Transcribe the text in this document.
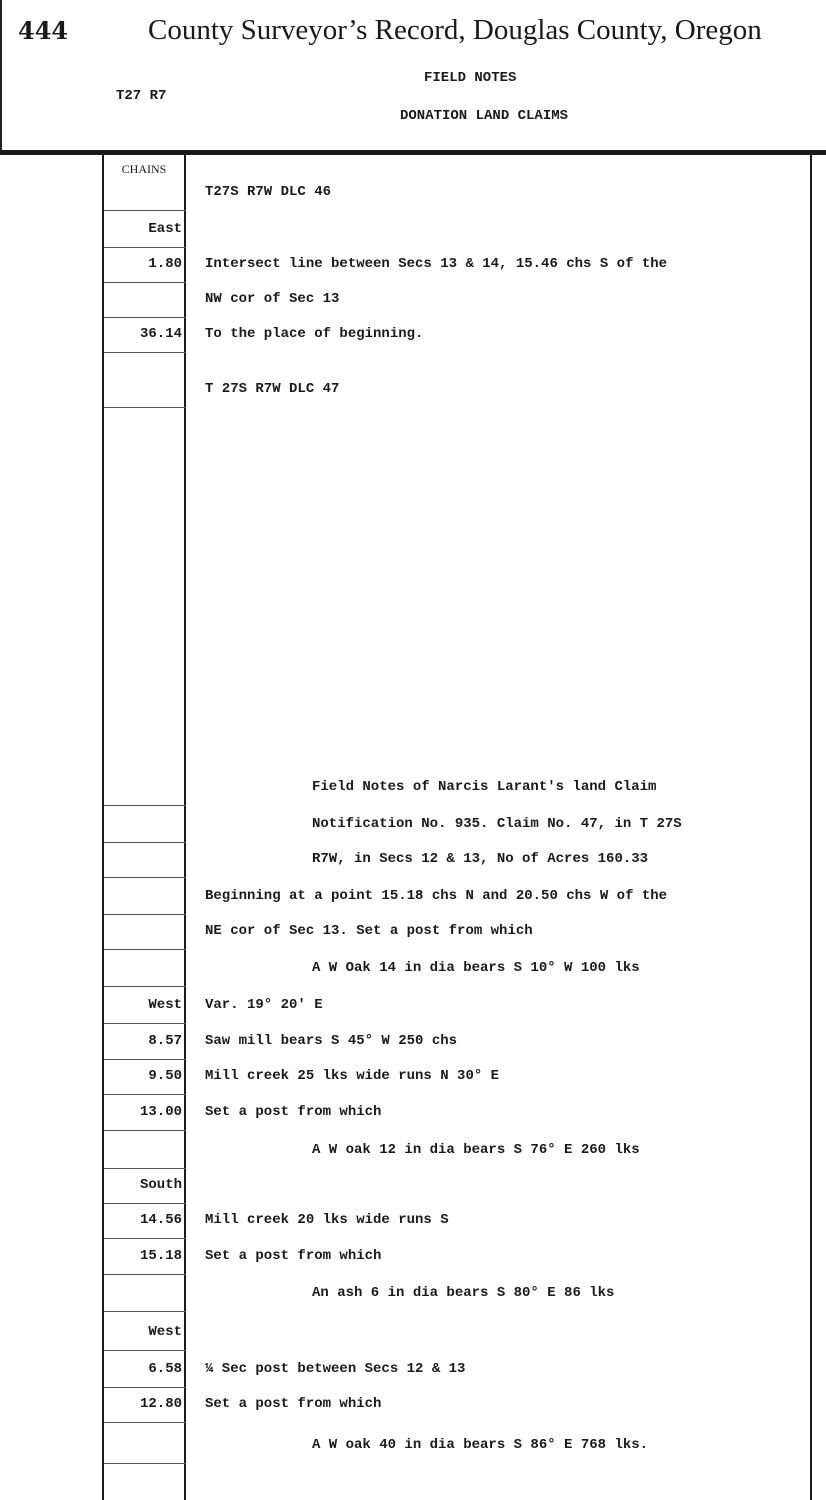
444	County Surveyor’s Record, Douglas County, Oregon
T27 R7
FIELD NOTES
DONATION LAND CLAIMS
CHAINS
T27S R7W DLC 46
East
1.80 Intersect line between Secs 13 & 14, 15.46 chs S of the
NW cor of Sec 13
36.14 To the place of beginning.
T 27S R7W DLC 47
Field Notes of Narcis Larant's land Claim
Notification No. 935. Claim No. 47, in T 27S
R7W, in Secs 12 & 13, No of Acres 160.33
Beginning at a point 15.18 chs N and 20.50 chs W of the
NE cor of Sec 13. Set a post from which
A W Oak 14 in dia bears S 10° W 100 lks
West Var. 19° 20' E
8.57 Saw mill bears S 45° W 250 chs
9.50 Mill creek 25 lks wide runs N 30° E
13.00 Set a post from which
A W oak 12 in dia bears S 76° E 260 lks
South
14.56 Mill creek 20 lks wide runs S
15.18 Set a post from which
An ash 6 in dia bears S 80° E 86 lks
West
6.58 ¼ Sec post between Secs 12 & 13
12.80 Set a post from which
A W oak 40 in dia bears S 86° E 768 lks.
